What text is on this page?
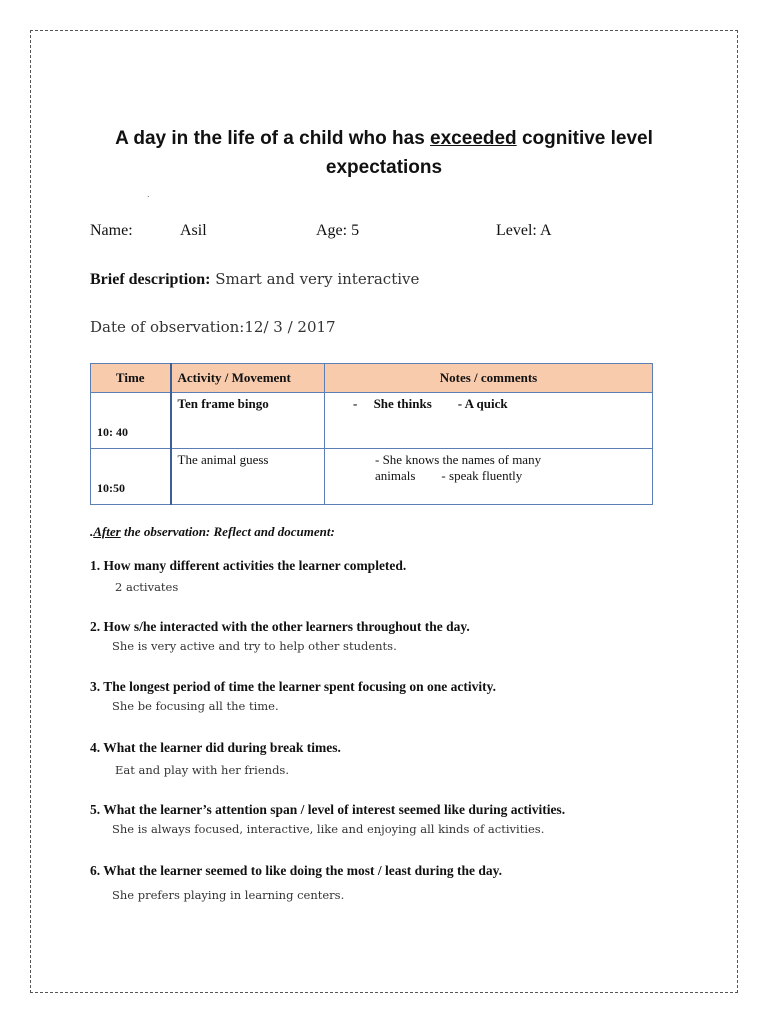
A day in the life of a child who has exceeded cognitive level expectations
.
Name:	Asil	Age: 5	Level: A
Brief description: Smart and very interactive
Date of observation:12/ 3 / 2017
Time	Activity / Movement	Notes / comments
10: 40	Ten frame bingo	-     She thinks        - A quick
10:50	The animal guess	- She knows the names of many
animals        - speak fluently
.After the observation: Reflect and document:
1. How many different activities the learner completed.
2 activates
2. How s/he interacted with the other learners throughout the day.
She is very active and try to help other students.
3. The longest period of time the learner spent focusing on one activity.
She be focusing all the time.
4. What the learner did during break times.
Eat and play with her friends.
5. What the learner’s attention span / level of interest seemed like during activities.
She is always focused, interactive, like and enjoying all kinds of activities.
6. What the learner seemed to like doing the most / least during the day.
She prefers playing in learning centers.
